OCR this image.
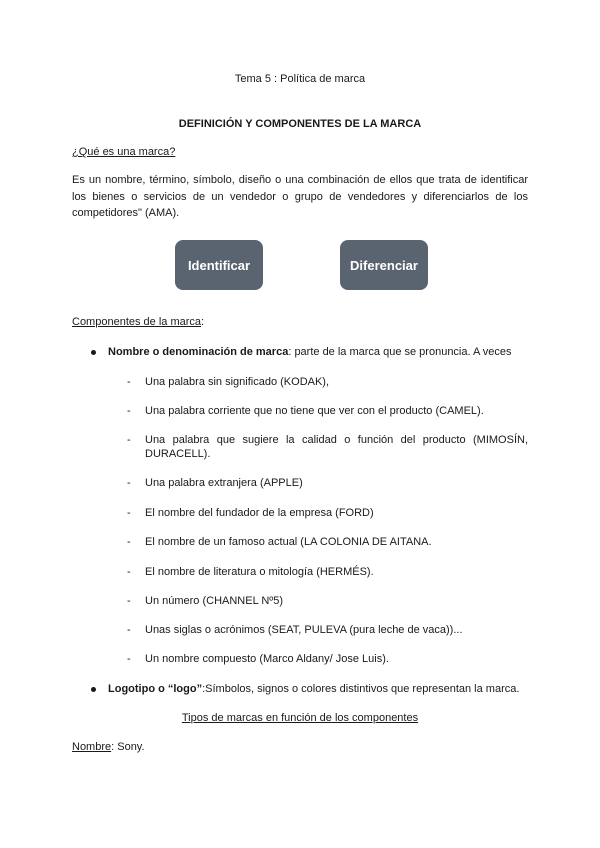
Tema 5 : Política de marca
DEFINICIÓN Y COMPONENTES DE LA MARCA
¿Qué es una marca?
Es un nombre, término, símbolo, diseño o una combinación de ellos que trata de identificar los bienes o servicios de un vendedor o grupo de vendedores y diferenciarlos de los competidores" (AMA).
Identificar	Diferenciar
Componentes de la marca:
Nombre o denominación de marca: parte de la marca que se pronuncia. A veces
- Una palabra sin significado (KODAK),
- Una palabra corriente que no tiene que ver con el producto (CAMEL).
- Una palabra que sugiere la calidad o función del producto (MIMOSÍN, DURACELL).
- Una palabra extranjera (APPLE)
- El nombre del fundador de la empresa (FORD)
- El nombre de un famoso actual (LA COLONIA DE AITANA.
- El nombre de literatura o mitología (HERMÉS).
- Un número (CHANNEL Nº5)
- Unas siglas o acrónimos (SEAT, PULEVA (pura leche de vaca))...
- Un nombre compuesto (Marco Aldany/ Jose Luis).
Logotipo o “logo”:Símbolos, signos o colores distintivos que representan la marca.
Tipos de marcas en función de los componentes
Nombre: Sony.
